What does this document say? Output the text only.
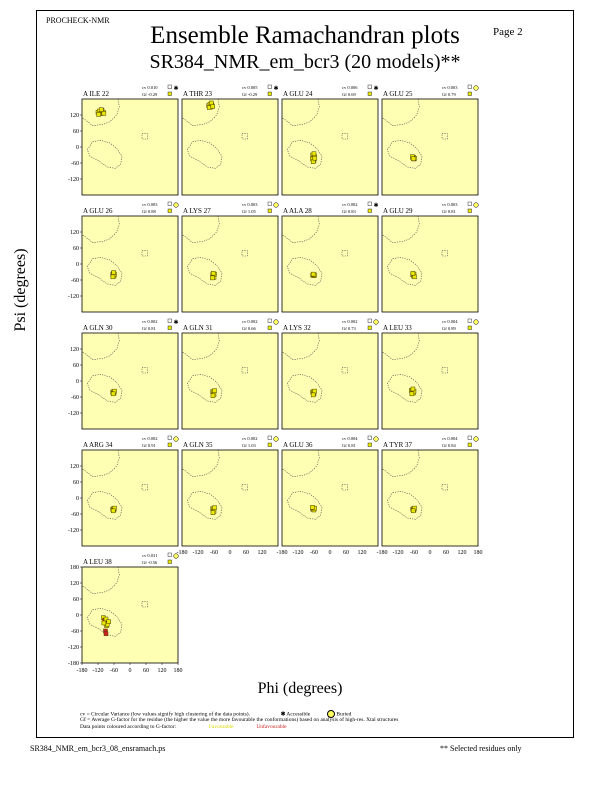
PROCHECK-NMR
Page 2
Ensemble Ramachandran plots
SR384_NMR_em_bcr3 (20 models)**
Psi (degrees)
Phi (degrees)
A ILE 22
cv 0.010
Gf -0.29
✱
120
60
0
-60
-120
A THR 23
cv 0.005
Gf -0.29
✱
A GLU 24
cv 0.006
Gf 0.69
✱
A GLU 25
cv 0.003
Gf 0.79
A GLU 26
cv 0.003
Gf 0.88
120
60
0
-60
-120
A LYS 27
cv 0.003
Gf 1.05	A ALA 28
cv 0.002
Gf 0.83
✱
A GLU 29
cv 0.003
Gf 0.81
A GLN 30
cv 0.002
Gf 0.81
✱
120
60
0
-60
-120
A GLN 31
cv 0.002
Gf 0.66	A LYS 32
cv 0.002
Gf 0.73	A LEU 33
cv 0.004
Gf 0.89
A ARG 34
cv 0.002
Gf 0.91
120
60
0
-60
-120
A GLN 35
cv 0.002
Gf 1.03	A GLU 36
cv 0.004
Gf 0.81	A TYR 37
cv 0.004
Gf 0.84
A LEU 38
cv 0.031
Gf -0.56
180
120
60
0
-60
-120
-180
-180 -120 -60 0 60 120 -180 -120 -60 0 60 120 -180 -120 -60 0 60 120 180
-180 -120 -60 0 60 120 180
cv = Circular Variance (low values signify high clustering of the data points).	✱ Accessible	Buried
Gf = Average G-factor for the residue (the higher the value the more favourable the conformations) based on analysis of high-res. Xtal structures
Data points coloured according to G-factor:	Favourable	Unfavourable
SR384_NMR_em_bcr3_08_ensramach.ps	** Selected residues only
